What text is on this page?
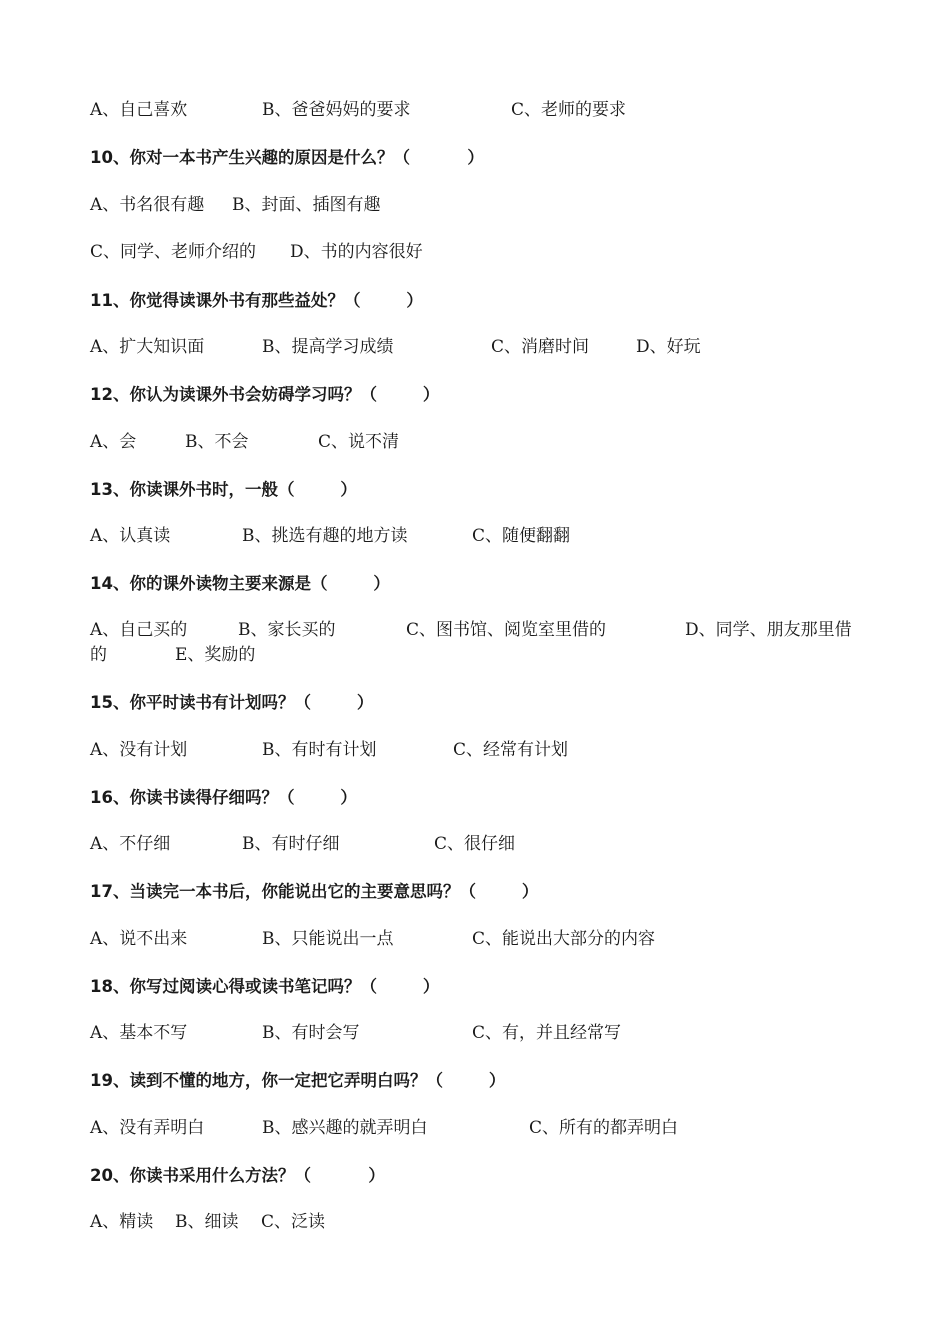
A、自己喜欢	B、爸爸妈妈的要求	C、老师的要求
10、你对一本书产生兴趣的原因是什么？（          ）
A、书名很有趣 B、封面、插图有趣
C、同学、老师介绍的 D、书的内容很好
11、你觉得读课外书有那些益处？（        ）
A、扩大知识面	B、提高学习成绩	C、消磨时间	D、好玩
12、你认为读课外书会妨碍学习吗？（        ）
A、会	B、不会	C、说不清
13、你读课外书时，一般（        ）
A、认真读	B、挑选有趣的地方读	C、随便翻翻
14、你的课外读物主要来源是（        ）
A、自己买的	B、家长买的	C、图书馆、阅览室里借的	D、同学、朋友那里借
的	E、奖励的
15、你平时读书有计划吗？（        ）
A、没有计划	B、有时有计划	C、经常有计划
16、你读书读得仔细吗？（        ）
A、不仔细	B、有时仔细	C、很仔细
17、当读完一本书后，你能说出它的主要意思吗？（        ）
A、说不出来	B、只能说出一点	C、能说出大部分的内容
18、你写过阅读心得或读书笔记吗？（        ）
A、基本不写	B、有时会写	C、有，并且经常写
19、读到不懂的地方，你一定把它弄明白吗？（        ）
A、没有弄明白	B、感兴趣的就弄明白	C、所有的都弄明白
20、你读书采用什么方法？（          ）
A、精读 B、细读 C、泛读
